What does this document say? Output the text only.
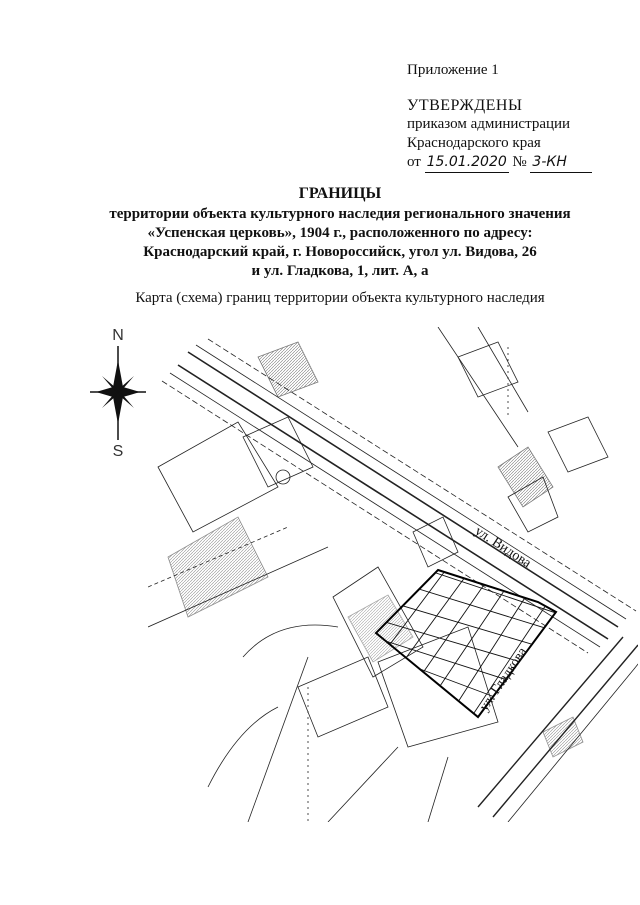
Приложение 1
УТВЕРЖДЕНЫ
приказом администрации
Краснодарского края
от 15.01.2020 № 3-КН
ГРАНИЦЫ
территории объекта культурного наследия регионального значения
«Успенская церковь», 1904 г., расположенного по адресу:
Краснодарский край, г. Новороссийск, угол ул. Видова, 26
и ул. Гладкова, 1, лит. А, а
Карта (схема) границ территории объекта культурного наследия
N
S
ул. Видова
ул. Гладкова
